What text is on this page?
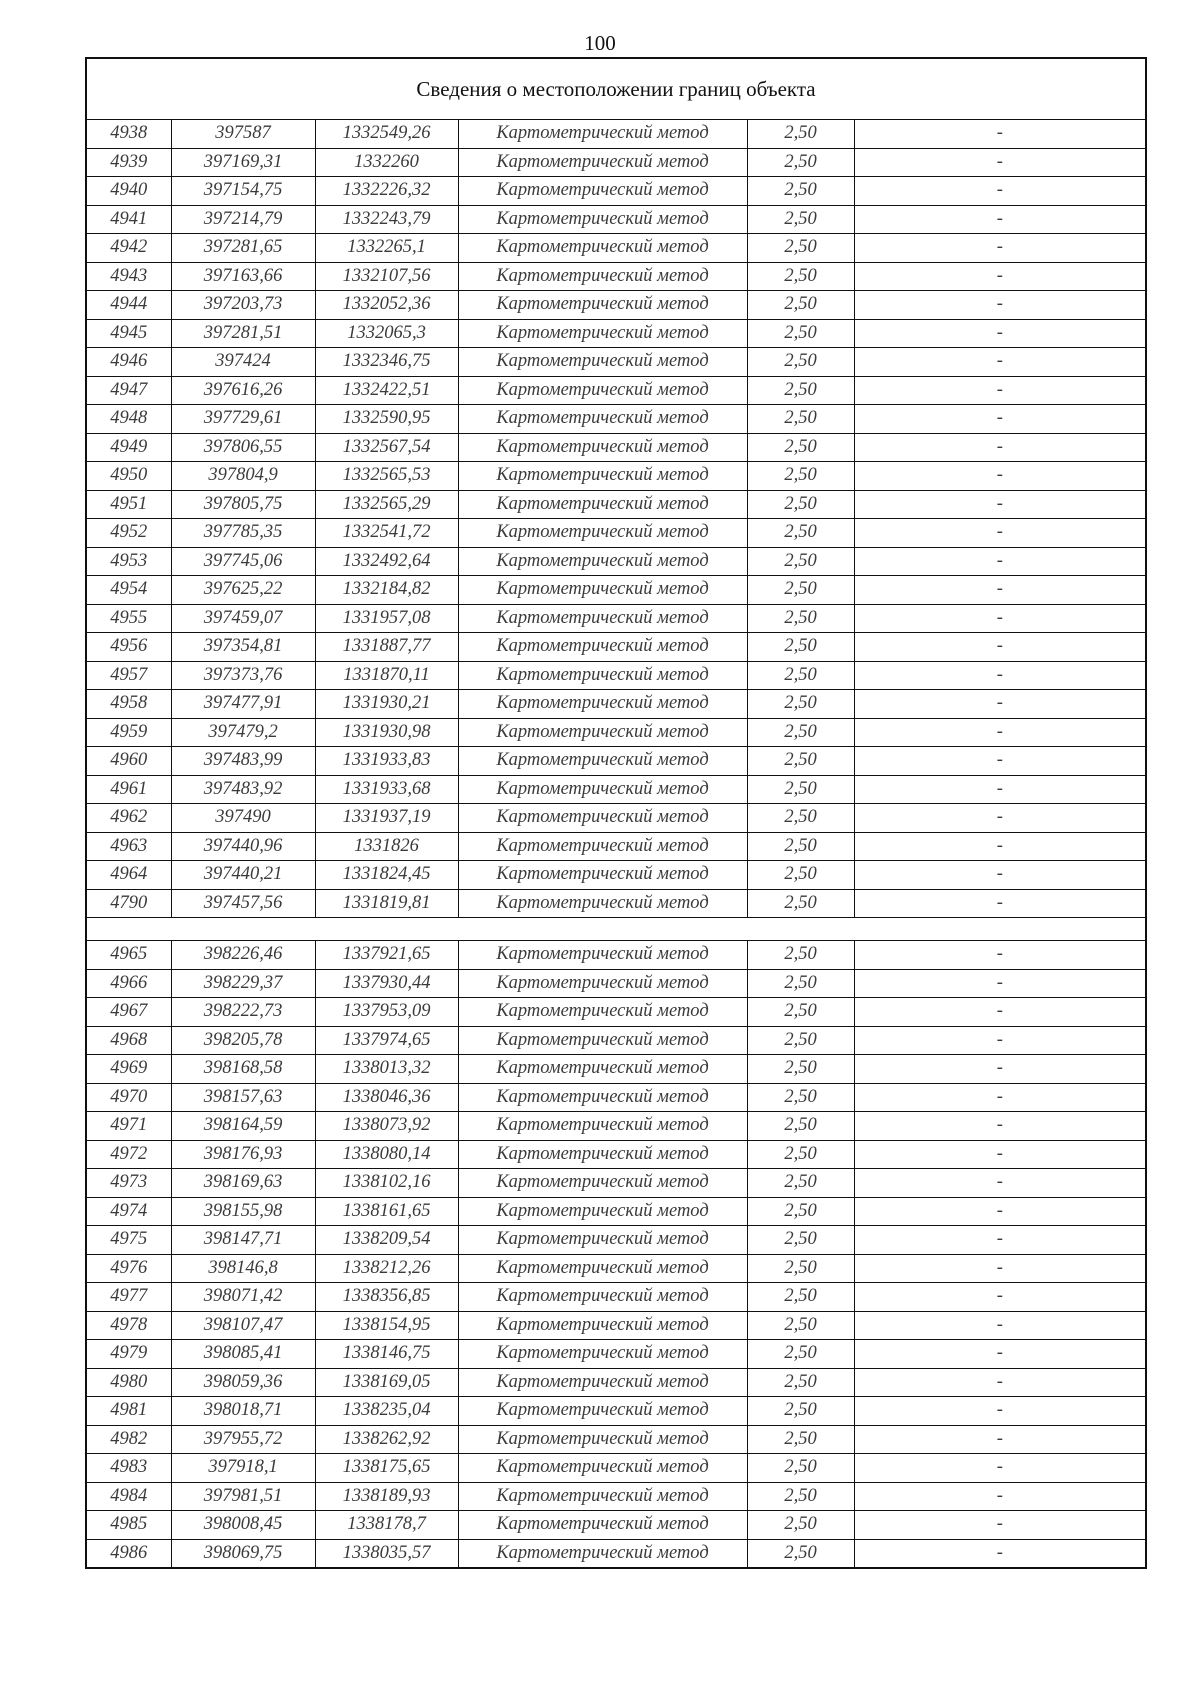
100
Сведения о местоположении границ объекта					
4938	397587	1332549,26	Картометрический метод	2,50	-
4939	397169,31	1332260	Картометрический метод	2,50	-
4940	397154,75	1332226,32	Картометрический метод	2,50	-
4941	397214,79	1332243,79	Картометрический метод	2,50	-
4942	397281,65	1332265,1	Картометрический метод	2,50	-
4943	397163,66	1332107,56	Картометрический метод	2,50	-
4944	397203,73	1332052,36	Картометрический метод	2,50	-
4945	397281,51	1332065,3	Картометрический метод	2,50	-
4946	397424	1332346,75	Картометрический метод	2,50	-
4947	397616,26	1332422,51	Картометрический метод	2,50	-
4948	397729,61	1332590,95	Картометрический метод	2,50	-
4949	397806,55	1332567,54	Картометрический метод	2,50	-
4950	397804,9	1332565,53	Картометрический метод	2,50	-
4951	397805,75	1332565,29	Картометрический метод	2,50	-
4952	397785,35	1332541,72	Картометрический метод	2,50	-
4953	397745,06	1332492,64	Картометрический метод	2,50	-
4954	397625,22	1332184,82	Картометрический метод	2,50	-
4955	397459,07	1331957,08	Картометрический метод	2,50	-
4956	397354,81	1331887,77	Картометрический метод	2,50	-
4957	397373,76	1331870,11	Картометрический метод	2,50	-
4958	397477,91	1331930,21	Картометрический метод	2,50	-
4959	397479,2	1331930,98	Картометрический метод	2,50	-
4960	397483,99	1331933,83	Картометрический метод	2,50	-
4961	397483,92	1331933,68	Картометрический метод	2,50	-
4962	397490	1331937,19	Картометрический метод	2,50	-
4963	397440,96	1331826	Картометрический метод	2,50	-
4964	397440,21	1331824,45	Картометрический метод	2,50	-
4790	397457,56	1331819,81	Картометрический метод	2,50	-

4965	398226,46	1337921,65	Картометрический метод	2,50	-
4966	398229,37	1337930,44	Картометрический метод	2,50	-
4967	398222,73	1337953,09	Картометрический метод	2,50	-
4968	398205,78	1337974,65	Картометрический метод	2,50	-
4969	398168,58	1338013,32	Картометрический метод	2,50	-
4970	398157,63	1338046,36	Картометрический метод	2,50	-
4971	398164,59	1338073,92	Картометрический метод	2,50	-
4972	398176,93	1338080,14	Картометрический метод	2,50	-
4973	398169,63	1338102,16	Картометрический метод	2,50	-
4974	398155,98	1338161,65	Картометрический метод	2,50	-
4975	398147,71	1338209,54	Картометрический метод	2,50	-
4976	398146,8	1338212,26	Картометрический метод	2,50	-
4977	398071,42	1338356,85	Картометрический метод	2,50	-
4978	398107,47	1338154,95	Картометрический метод	2,50	-
4979	398085,41	1338146,75	Картометрический метод	2,50	-
4980	398059,36	1338169,05	Картометрический метод	2,50	-
4981	398018,71	1338235,04	Картометрический метод	2,50	-
4982	397955,72	1338262,92	Картометрический метод	2,50	-
4983	397918,1	1338175,65	Картометрический метод	2,50	-
4984	397981,51	1338189,93	Картометрический метод	2,50	-
4985	398008,45	1338178,7	Картометрический метод	2,50	-
4986	398069,75	1338035,57	Картометрический метод	2,50	-
